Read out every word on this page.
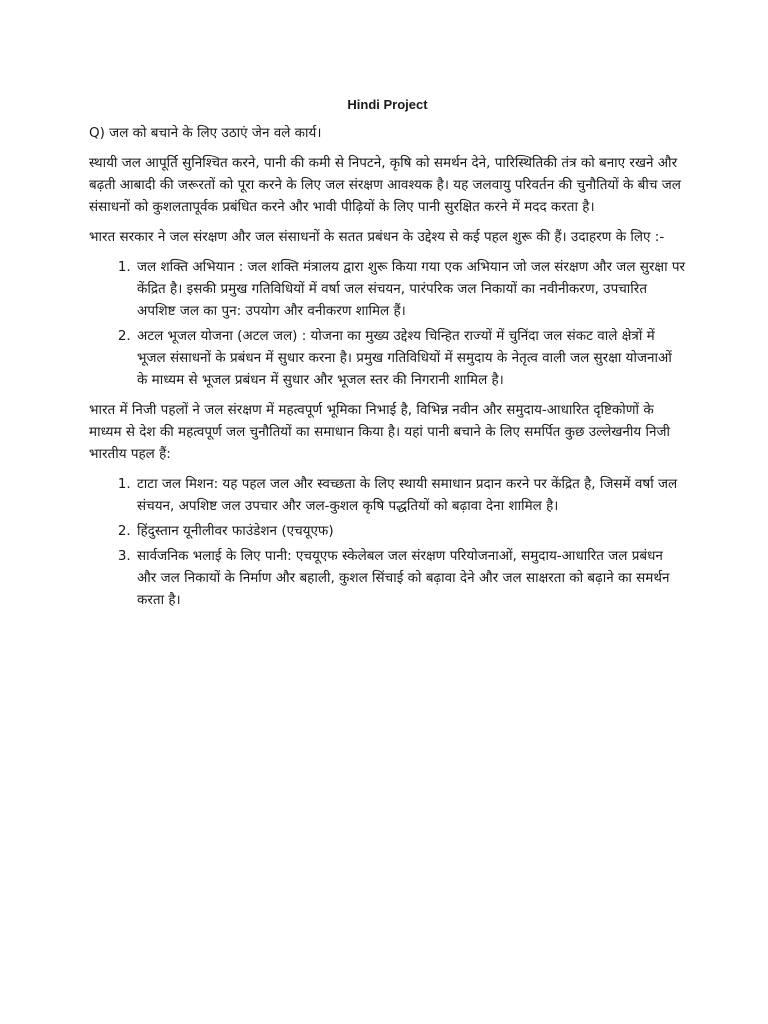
Hindi Project
Q) जल को बचाने के लिए उठाएं जेन वले कार्य।

स्थायी जल आपूर्ति सुनिश्चित करने, पानी की कमी से निपटने, कृषि को समर्थन देने, पारिस्थितिकी तंत्र को बनाए रखने और बढ़ती आबादी की जरूरतों को पूरा करने के लिए जल संरक्षण आवश्यक है। यह जलवायु परिवर्तन की चुनौतियों के बीच जल संसाधनों को कुशलतापूर्वक प्रबंधित करने और भावी पीढ़ियों के लिए पानी सुरक्षित करने में मदद करता है।

भारत सरकार ने जल संरक्षण और जल संसाधनों के सतत प्रबंधन के उद्देश्य से कई पहल शुरू की हैं। उदाहरण के लिए :-

1. जल शक्ति अभियान : जल शक्ति मंत्रालय द्वारा शुरू किया गया एक अभियान जो जल संरक्षण और जल सुरक्षा पर केंद्रित है। इसकी प्रमुख गतिविधियों में वर्षा जल संचयन, पारंपरिक जल निकायों का नवीनीकरण, उपचारित अपशिष्ट जल का पुन: उपयोग और वनीकरण शामिल हैं।
2. अटल भूजल योजना (अटल जल) : योजना का मुख्य उद्देश्य चिन्हित राज्यों में चुनिंदा जल संकट वाले क्षेत्रों में भूजल संसाधनों के प्रबंधन में सुधार करना है। प्रमुख गतिविधियों में समुदाय के नेतृत्व वाली जल सुरक्षा योजनाओं के माध्यम से भूजल प्रबंधन में सुधार और भूजल स्तर की निगरानी शामिल है।

भारत में निजी पहलों ने जल संरक्षण में महत्वपूर्ण भूमिका निभाई है, विभिन्न नवीन और समुदाय-आधारित दृष्टिकोणों के माध्यम से देश की महत्वपूर्ण जल चुनौतियों का समाधान किया है। यहां पानी बचाने के लिए समर्पित कुछ उल्लेखनीय निजी भारतीय पहल हैं:

1. टाटा जल मिशन: यह पहल जल और स्वच्छता के लिए स्थायी समाधान प्रदान करने पर केंद्रित है, जिसमें वर्षा जल संचयन, अपशिष्ट जल उपचार और जल-कुशल कृषि पद्धतियों को बढ़ावा देना शामिल है।
2. हिंदुस्तान यूनीलीवर फाउंडेशन (एचयूएफ)
3. सार्वजनिक भलाई के लिए पानी: एचयूएफ स्केलेबल जल संरक्षण परियोजनाओं, समुदाय-आधारित जल प्रबंधन और जल निकायों के निर्माण और बहाली, कुशल सिंचाई को बढ़ावा देने और जल साक्षरता को बढ़ाने का समर्थन करता है।
